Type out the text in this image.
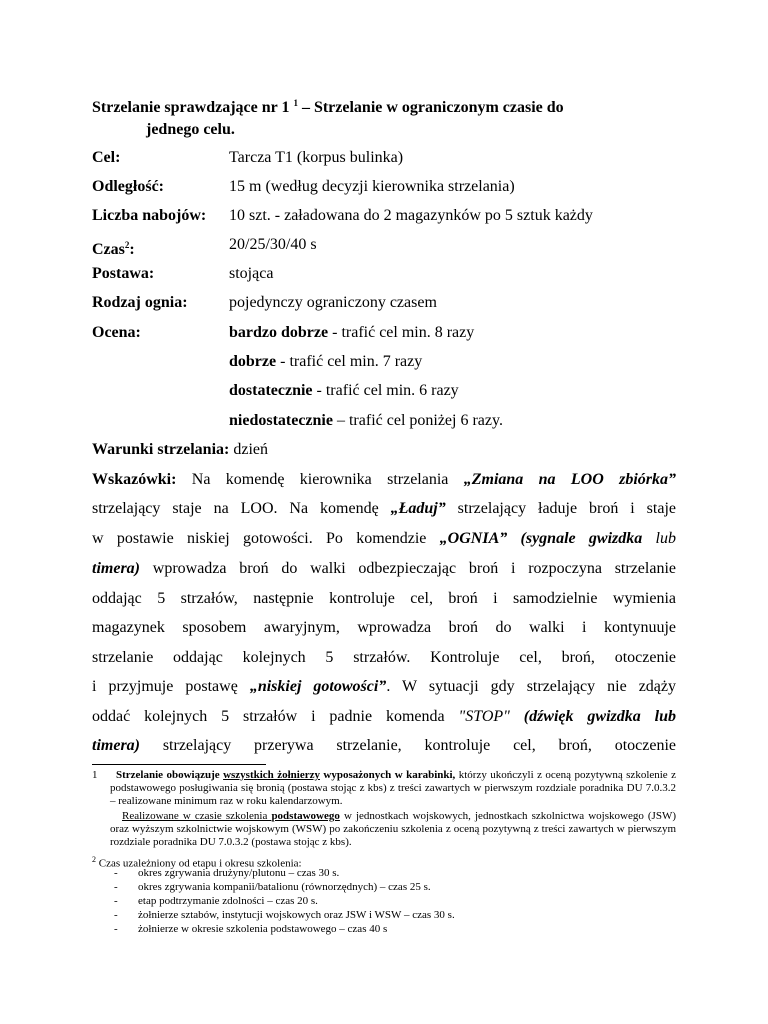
Strzelanie sprawdzające nr 1 $^1$ – Strzelanie w ograniczonym czasie do
jednego celu.
Cel:	Tarcza T1 (korpus bulinka)
Odległość:	15 m (według decyzji kierownika strzelania)
Liczba nabojów: 10 szt. - załadowana do 2 magazynków po 5 sztuk każdy
Czas$^2$:	20/25/30/40 s
Postawa:	stojąca
Rodzaj ognia:	pojedynczy ograniczony czasem
Ocena:	bardzo dobrze - trafić cel min. 8 razy
dobrze - trafić cel min. 7 razy
dostatecznie - trafić cel min. 6 razy
niedostatecznie – trafić cel poniżej 6 razy.
Warunki strzelania: dzień
Wskazówki: Na komendę kierownika strzelania „Zmiana na LOO zbiórka”
strzelający staje na LOO. Na komendę „Ładuj” strzelający ładuje broń i staje
w postawie niskiej gotowości. Po komendzie „OGNIA” (sygnale gwizdka lub
timera) wprowadza broń do walki odbezpieczając broń i rozpoczyna strzelanie
oddając 5 strzałów, następnie kontroluje cel, broń i samodzielnie wymienia
magazynek sposobem awaryjnym, wprowadza broń do walki i kontynuuje
strzelanie oddając kolejnych 5 strzałów. Kontroluje cel, broń, otoczenie
i przyjmuje postawę „niskiej gotowości”. W sytuacji gdy strzelający nie zdąży
oddać kolejnych 5 strzałów i padnie komenda "STOP" (dźwięk gwizdka lub
timera) strzelający przerywa strzelanie, kontroluje cel, broń, otoczenie
1	Strzelanie obowiązuje wszystkich żołnierzy wyposażonych w karabinki, którzy ukończyli z oceną pozytywną szkolenie z podstawowego posługiwania się bronią (postawa stojąc z kbs) z treści zawartych w pierwszym rozdziale poradnika DU 7.0.3.2 – realizowane minimum raz w roku kalendarzowym.
Realizowane w czasie szkolenia podstawowego w jednostkach wojskowych, jednostkach szkolnictwa wojskowego (JSW) oraz wyższym szkolnictwie wojskowym (WSW) po zakończeniu szkolenia z oceną pozytywną z treści zawartych w pierwszym rozdziale poradnika DU 7.0.3.2 (postawa stojąc z kbs).
$^2$ Czas uzależniony od etapu i okresu szkolenia:
- okres zgrywania drużyny/plutonu – czas 30 s.
- okres zgrywania kompanii/batalionu (równorzędnych) – czas 25 s.
- etap podtrzymanie zdolności – czas 20 s.
- żołnierze sztabów, instytucji wojskowych oraz JSW i WSW – czas 30 s.
- żołnierze w okresie szkolenia podstawowego – czas 40 s
